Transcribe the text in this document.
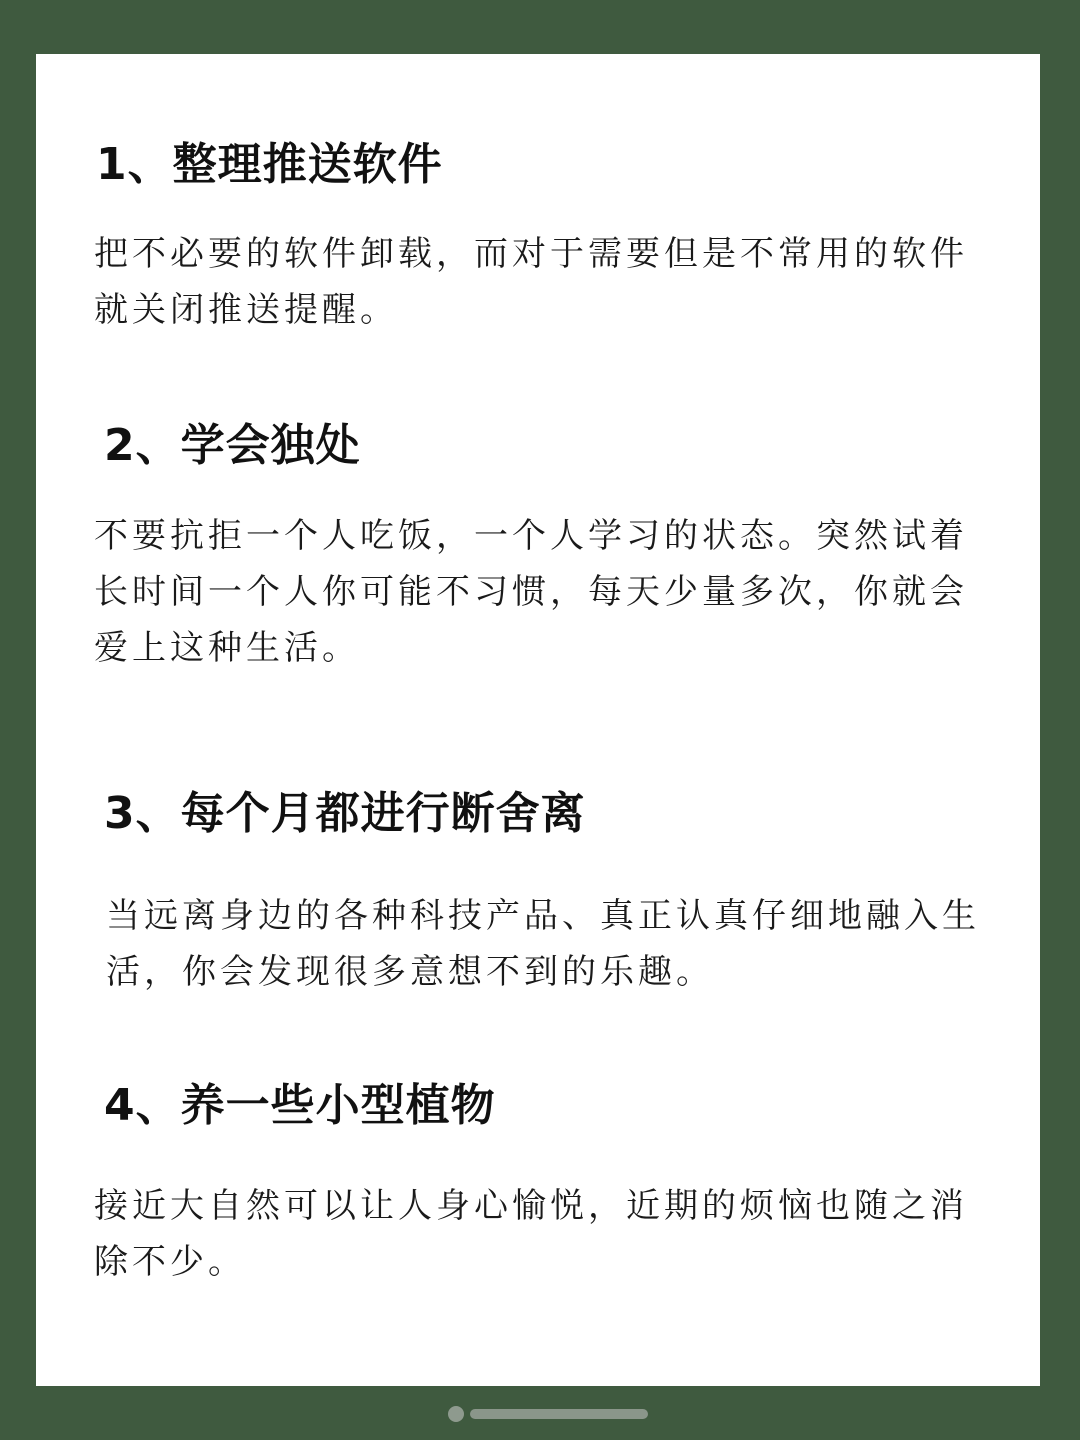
1、整理推送软件

把不必要的软件卸载，而对于需要但是不常用的软件就关闭推送提醒。

2、学会独处

不要抗拒一个人吃饭，一个人学习的状态。突然试着长时间一个人你可能不习惯，每天少量多次，你就会爱上这种生活。

3、每个月都进行断舍离

当远离身边的各种科技产品、真正认真仔细地融入生活，你会发现很多意想不到的乐趣。

4、养一些小型植物

接近大自然可以让人身心愉悦，近期的烦恼也随之消除不少。
